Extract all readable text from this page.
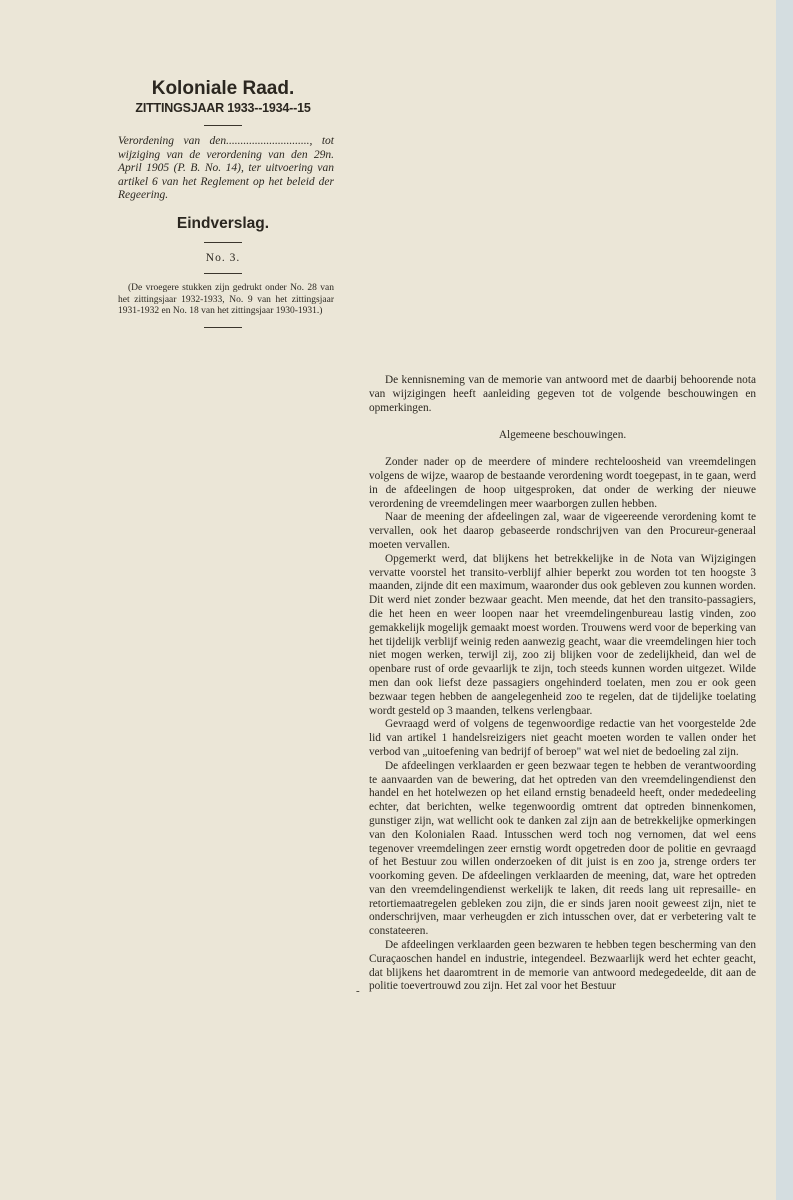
Koloniale Raad.

ZITTINGSJAAR 1933--1934--15

Verordening van den............................., tot wijziging van de verordening van den 29n. April 1905 (P. B. No. 14), ter uitvoering van artikel 6 van het Reglement op het beleid der Regeering.

Eindverslag.

No. 3.

(De vroegere stukken zijn gedrukt onder No. 28 van het zittingsjaar 1932-1933, No. 9 van het zittingsjaar 1931-1932 en No. 18 van het zittingsjaar 1930-1931.)

De kennisneming van de memorie van antwoord met de daarbij behoorende nota van wijzigingen heeft aanleiding gegeven tot de volgende beschouwingen en opmerkingen.

Algemeene beschouwingen.

Zonder nader op de meerdere of mindere rechteloosheid van vreemdelingen volgens de wijze, waarop de bestaande verordening wordt toegepast, in te gaan, werd in de afdeelingen de hoop uitgesproken, dat onder de werking der nieuwe verordening de vreemdelingen meer waarborgen zullen hebben.

Naar de meening der afdeelingen zal, waar de vigeereende verordening komt te vervallen, ook het daarop gebaseerde rondschrijven van den Procureur-generaal moeten vervallen.

Opgemerkt werd, dat blijkens het betrekkelijke in de Nota van Wijzigingen vervatte voorstel het transito-verblijf alhier beperkt zou worden tot ten hoogste 3 maanden, zijnde dit een maximum, waaronder dus ook gebleven zou kunnen worden. Dit werd niet zonder bezwaar geacht. Men meende, dat het den transito-passagiers, die het heen en weer loopen naar het vreemdelingenbureau lastig vinden, zoo gemakkelijk mogelijk gemaakt moest worden. Trouwens werd voor de beperking van het tijdelijk verblijf weinig reden aanwezig geacht, waar die vreemdelingen hier toch niet mogen werken, terwijl zij, zoo zij blijken voor de zedelijkheid, dan wel de openbare rust of orde gevaarlijk te zijn, toch steeds kunnen worden uitgezet. Wilde men dan ook liefst deze passagiers ongehinderd toelaten, men zou er ook geen bezwaar tegen hebben de aangelegenheid zoo te regelen, dat de tijdelijke toelating wordt gesteld op 3 maanden, telkens verlengbaar.

Gevraagd werd of volgens de tegenwoordige redactie van het voorgestelde 2de lid van artikel 1 handelsreizigers niet geacht moeten worden te vallen onder het verbod van „uitoefening van bedrijf of beroep" wat wel niet de bedoeling zal zijn.

De afdeelingen verklaarden er geen bezwaar tegen te hebben de verantwoording te aanvaarden van de bewering, dat het optreden van den vreemdelingendienst den handel en het hotelwezen op het eiland ernstig benadeeld heeft, onder mededeeling echter, dat berichten, welke tegenwoordig omtrent dat optreden binnenkomen, gunstiger zijn, wat wellicht ook te danken zal zijn aan de betrekkelijke opmerkingen van den Kolonialen Raad. Intusschen werd toch nog vernomen, dat wel eens tegenover vreemdelingen zeer ernstig wordt opgetreden door de politie en gevraagd of het Bestuur zou willen onderzoeken of dit juist is en zoo ja, strenge orders ter voorkoming geven. De afdeelingen verklaarden de meening, dat, ware het optreden van den vreemdelingendienst werkelijk te laken, dit reeds lang uit represaille- en retortiemaatregelen gebleken zou zijn, die er sinds jaren nooit geweest zijn, niet te onderschrijven, maar verheugden er zich intusschen over, dat er verbetering valt te constateeren.

De afdeelingen verklaarden geen bezwaren te hebben tegen bescherming van den Curaçaoschen handel en industrie, integendeel. Bezwaarlijk werd het echter geacht, dat blijkens het daaromtrent in de memorie van antwoord medegedeelde, dit aan de politie toevertrouwd zou zijn. Het zal voor het Bestuur

-
